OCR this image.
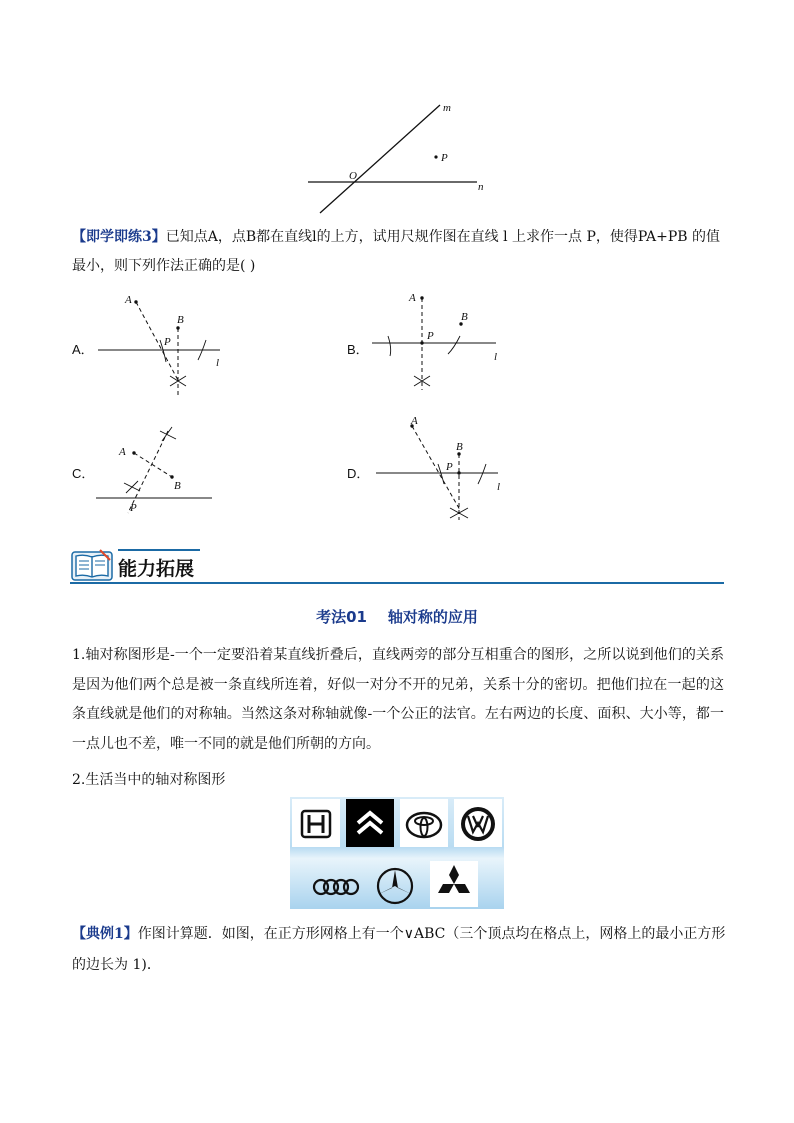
m
P
O
n
【即学即练3】已知点A，点B都在直线l的上方，试用尺规作图在直线 l 上求作一点 P，使得PA+PB 的值
最小，则下列作法正确的是( )
A．
A
B
P
l
B．
A
B
P
l
C．
A
B
P
D．
A
B
P
l
能力拓展
考法01    轴对称的应用
1.轴对称图形是-一个一定要沿着某直线折叠后，直线两旁的部分互相重合的图形，之所以说到他们的关系是因为他们两个总是被一条直线所连着，好似一对分不开的兄弟，关系十分的密切。把他们拉在一起的这条直线就是他们的对称轴。当然这条对称轴就像-一个公正的法官。左右两边的长度、面积、大小等，都一一点儿也不差，唯一不同的就是他们所朝的方向。
2.生活当中的轴对称图形
【典例1】作图计算题．如图，在正方形网格上有一个∨ABC（三个顶点均在格点上，网格上的最小正方形
的边长为 1)．
